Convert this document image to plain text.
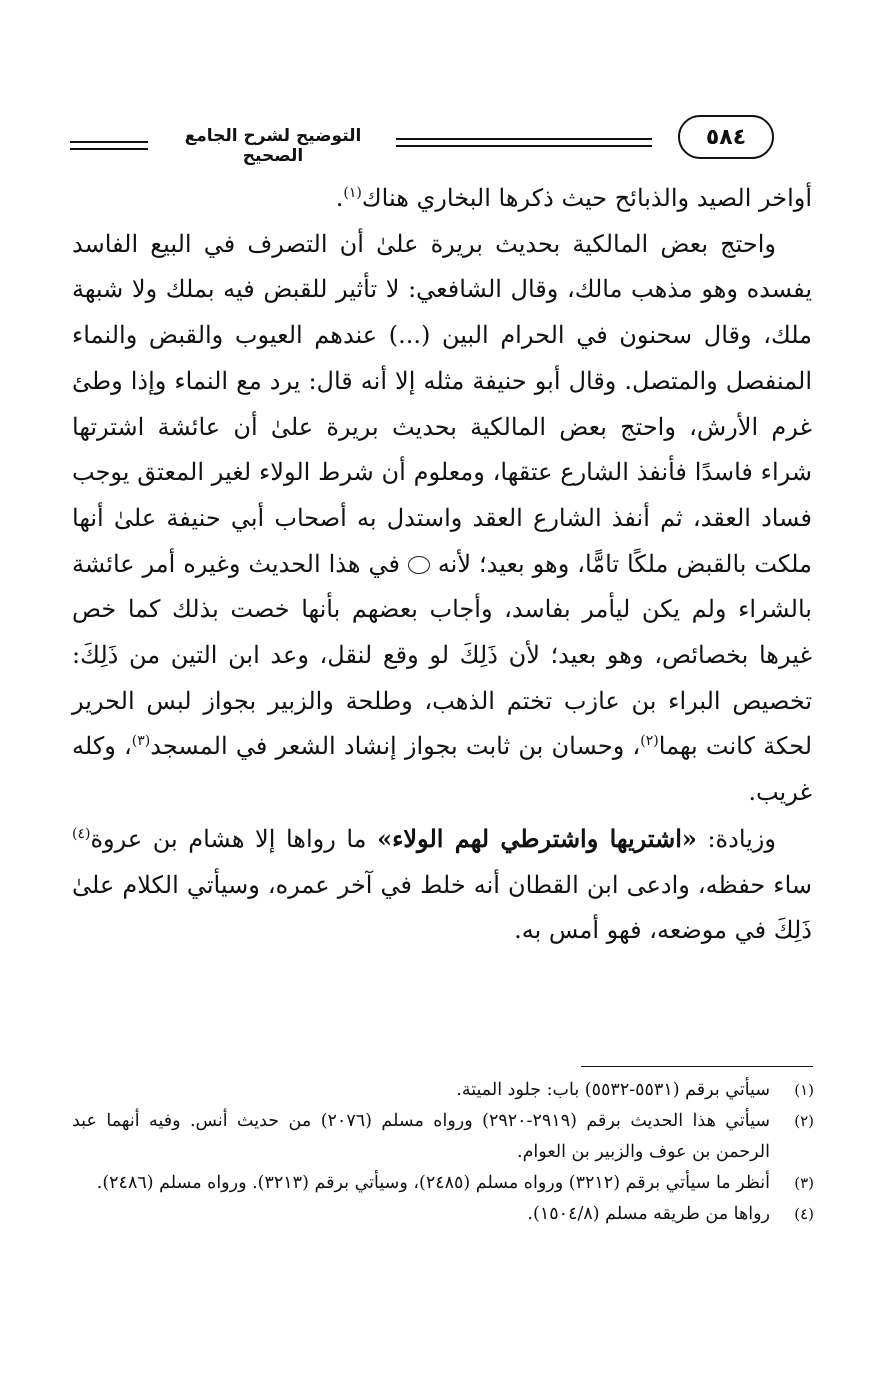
التوضيح لشرح الجامع الصحيح
٥٨٤

أواخر الصيد والذبائح حيث ذكرها البخاري هناك$^{(١)}$.

واحتج بعض المالكية بحديث بريرة علىٰ أن التصرف في البيع الفاسد يفسده وهو مذهب مالك، وقال الشافعي: لا تأثير للقبض فيه بملك ولا شبهة ملك، وقال سحنون في الحرام البين (...) عندهم العيوب والقبض والنماء المنفصل والمتصل. وقال أبو حنيفة مثله إلا أنه قال: يرد مع النماء وإذا وطئ غرم الأرش، واحتج بعض المالكية بحديث بريرة علىٰ أن عائشة اشترتها شراء فاسدًا فأنفذ الشارع عتقها، ومعلوم أن شرط الولاء لغير المعتق يوجب فساد العقد، ثم أنفذ الشارع العقد واستدل به أصحاب أبي حنيفة علىٰ أنها ملكت بالقبض ملكًا تامًّا، وهو بعيد؛ لأنه  في هذا الحديث وغيره أمر عائشة بالشراء ولم يكن ليأمر بفاسد، وأجاب بعضهم بأنها خصت بذلك كما خص غيرها بخصائص، وهو بعيد؛ لأن ذَلِكَ لو وقع لنقل، وعد ابن التين من ذَلِكَ: تخصيص البراء بن عازب تختم الذهب، وطلحة والزبير بجواز لبس الحرير لحكة كانت بهما$^{(٢)}$، وحسان بن ثابت بجواز إنشاد الشعر في المسجد$^{(٣)}$، وكله غريب.

وزيادة: «اشتريها واشترطي لهم الولاء» ما رواها إلا هشام بن عروة$^{(٤)}$ ساء حفظه، وادعى ابن القطان أنه خلط في آخر عمره، وسيأتي الكلام علىٰ ذَلِكَ في موضعه، فهو أمس به.

(١)
سيأتي برقم (٥٥٣١-٥٥٣٢) باب: جلود الميتة.
(٢)
سيأتي هذا الحديث برقم (٢٩١٩-٢٩٢٠) ورواه مسلم (٢٠٧٦) من حديث أنس. وفيه أنهما عبد الرحمن بن عوف والزبير بن العوام.
(٣)
أنظر ما سيأتي برقم (٣٢١٢) ورواه مسلم (٢٤٨٥)، وسيأتي برقم (٣٢١٣). ورواه مسلم (٢٤٨٦).
(٤)
رواها من طريقه مسلم (١٥٠٤/٨).
